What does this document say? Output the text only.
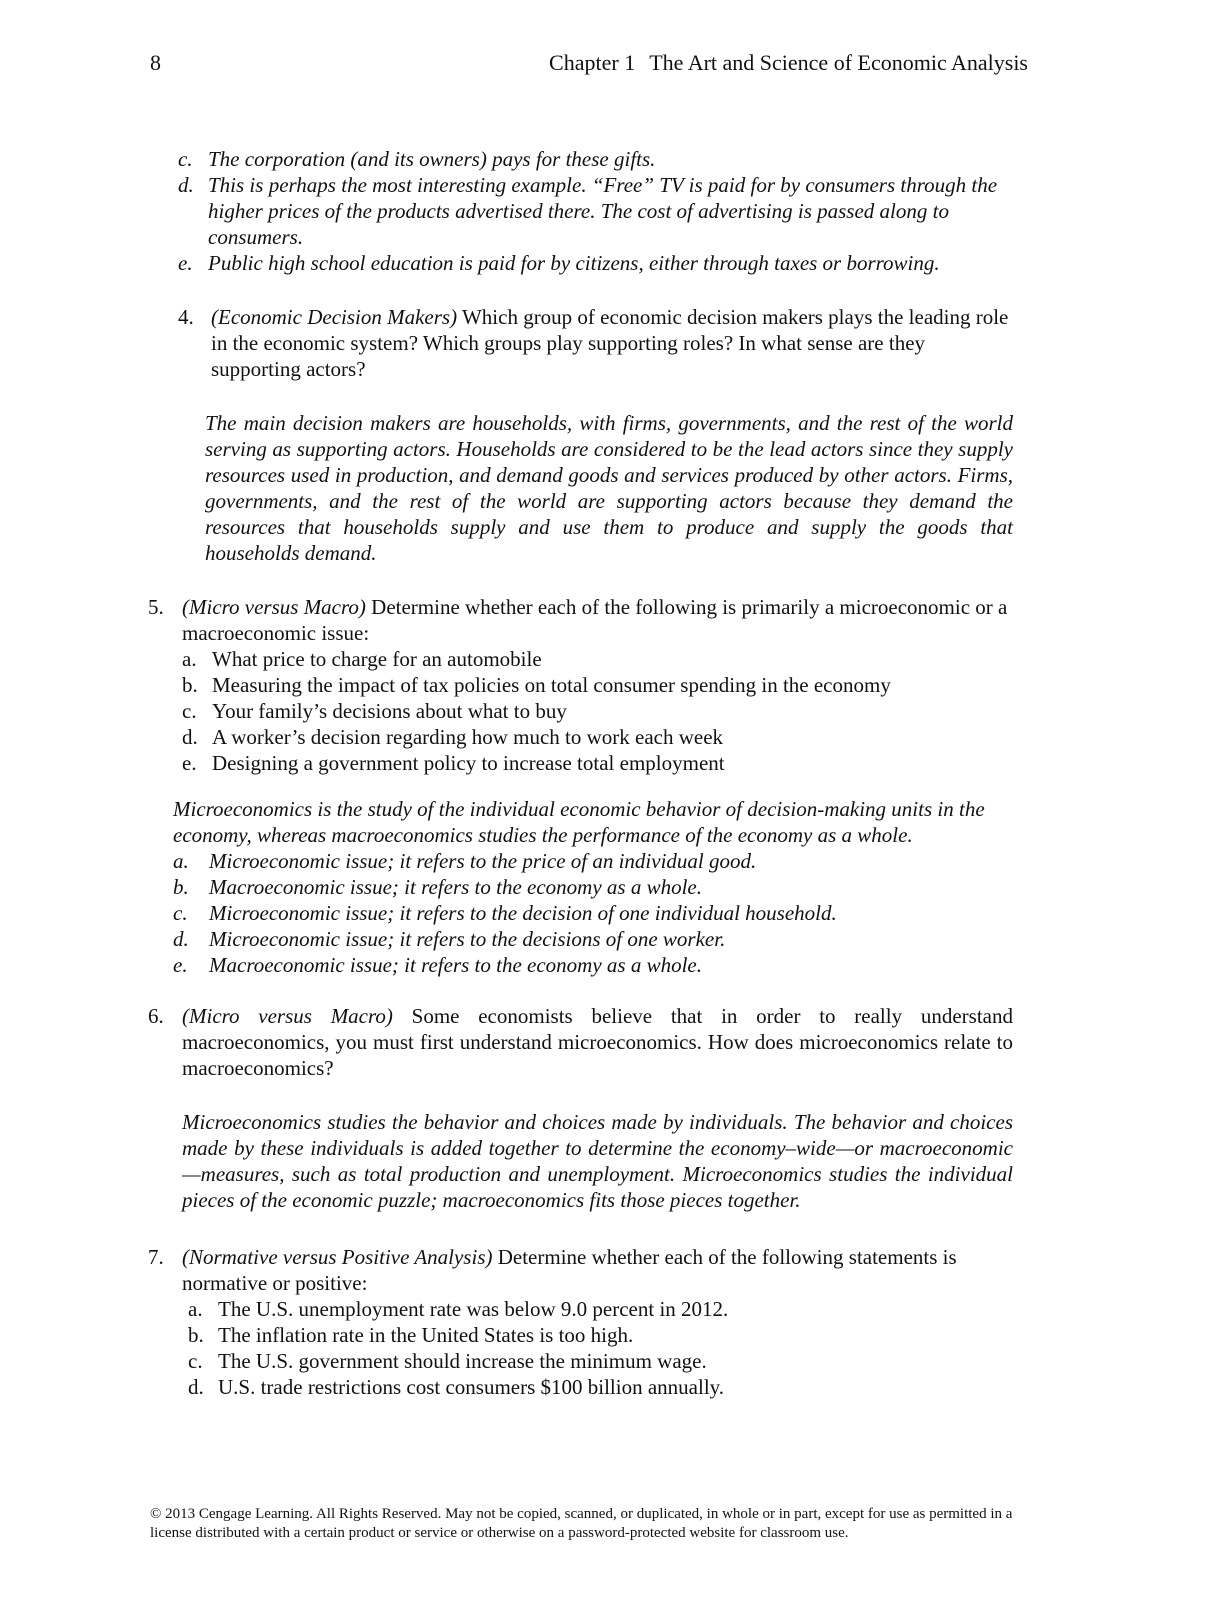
8	Chapter 1 The Art and Science of Economic Analysis
c. The corporation (and its owners) pays for these gifts.
d. This is perhaps the most interesting example. “Free” TV is paid for by consumers through the higher prices of the products advertised there. The cost of advertising is passed along to consumers.
e. Public high school education is paid for by citizens, either through taxes or borrowing.
4. (Economic Decision Makers) Which group of economic decision makers plays the leading role in the economic system? Which groups play supporting roles? In what sense are they supporting actors?
The main decision makers are households, with firms, governments, and the rest of the world serving as supporting actors. Households are considered to be the lead actors since they supply resources used in production, and demand goods and services produced by other actors. Firms, governments, and the rest of the world are supporting actors because they demand the resources that households supply and use them to produce and supply the goods that households demand.
5. (Micro versus Macro) Determine whether each of the following is primarily a microeconomic or a macroeconomic issue:
a. What price to charge for an automobile
b. Measuring the impact of tax policies on total consumer spending in the economy
c. Your family’s decisions about what to buy
d. A worker’s decision regarding how much to work each week
e. Designing a government policy to increase total employment
Microeconomics is the study of the individual economic behavior of decision-making units in the economy, whereas macroeconomics studies the performance of the economy as a whole.
a. Microeconomic issue; it refers to the price of an individual good.
b. Macroeconomic issue; it refers to the economy as a whole.
c.	Microeconomic issue; it refers to the decision of one individual household.
d. Microeconomic issue; it refers to the decisions of one worker.
e.	Macroeconomic issue; it refers to the economy as a whole.
6. (Micro versus Macro) Some economists believe that in order to really understand macroeconomics, you must first understand microeconomics. How does microeconomics relate to macroeconomics?
Microeconomics studies the behavior and choices made by individuals. The behavior and choices made by these individuals is added together to determine the economy–wide—or macroeconomic—measures, such as total production and unemployment. Microeconomics studies the individual pieces of the economic puzzle; macroeconomics fits those pieces together.
7. (Normative versus Positive Analysis) Determine whether each of the following statements is normative or positive:
a. The U.S. unemployment rate was below 9.0 percent in 2012.
b. The inflation rate in the United States is too high.
c. The U.S. government should increase the minimum wage.
d. U.S. trade restrictions cost consumers $100 billion annually.
© 2013 Cengage Learning. All Rights Reserved. May not be copied, scanned, or duplicated, in whole or in part, except for use as permitted in a license distributed with a certain product or service or otherwise on a password-protected website for classroom use.
